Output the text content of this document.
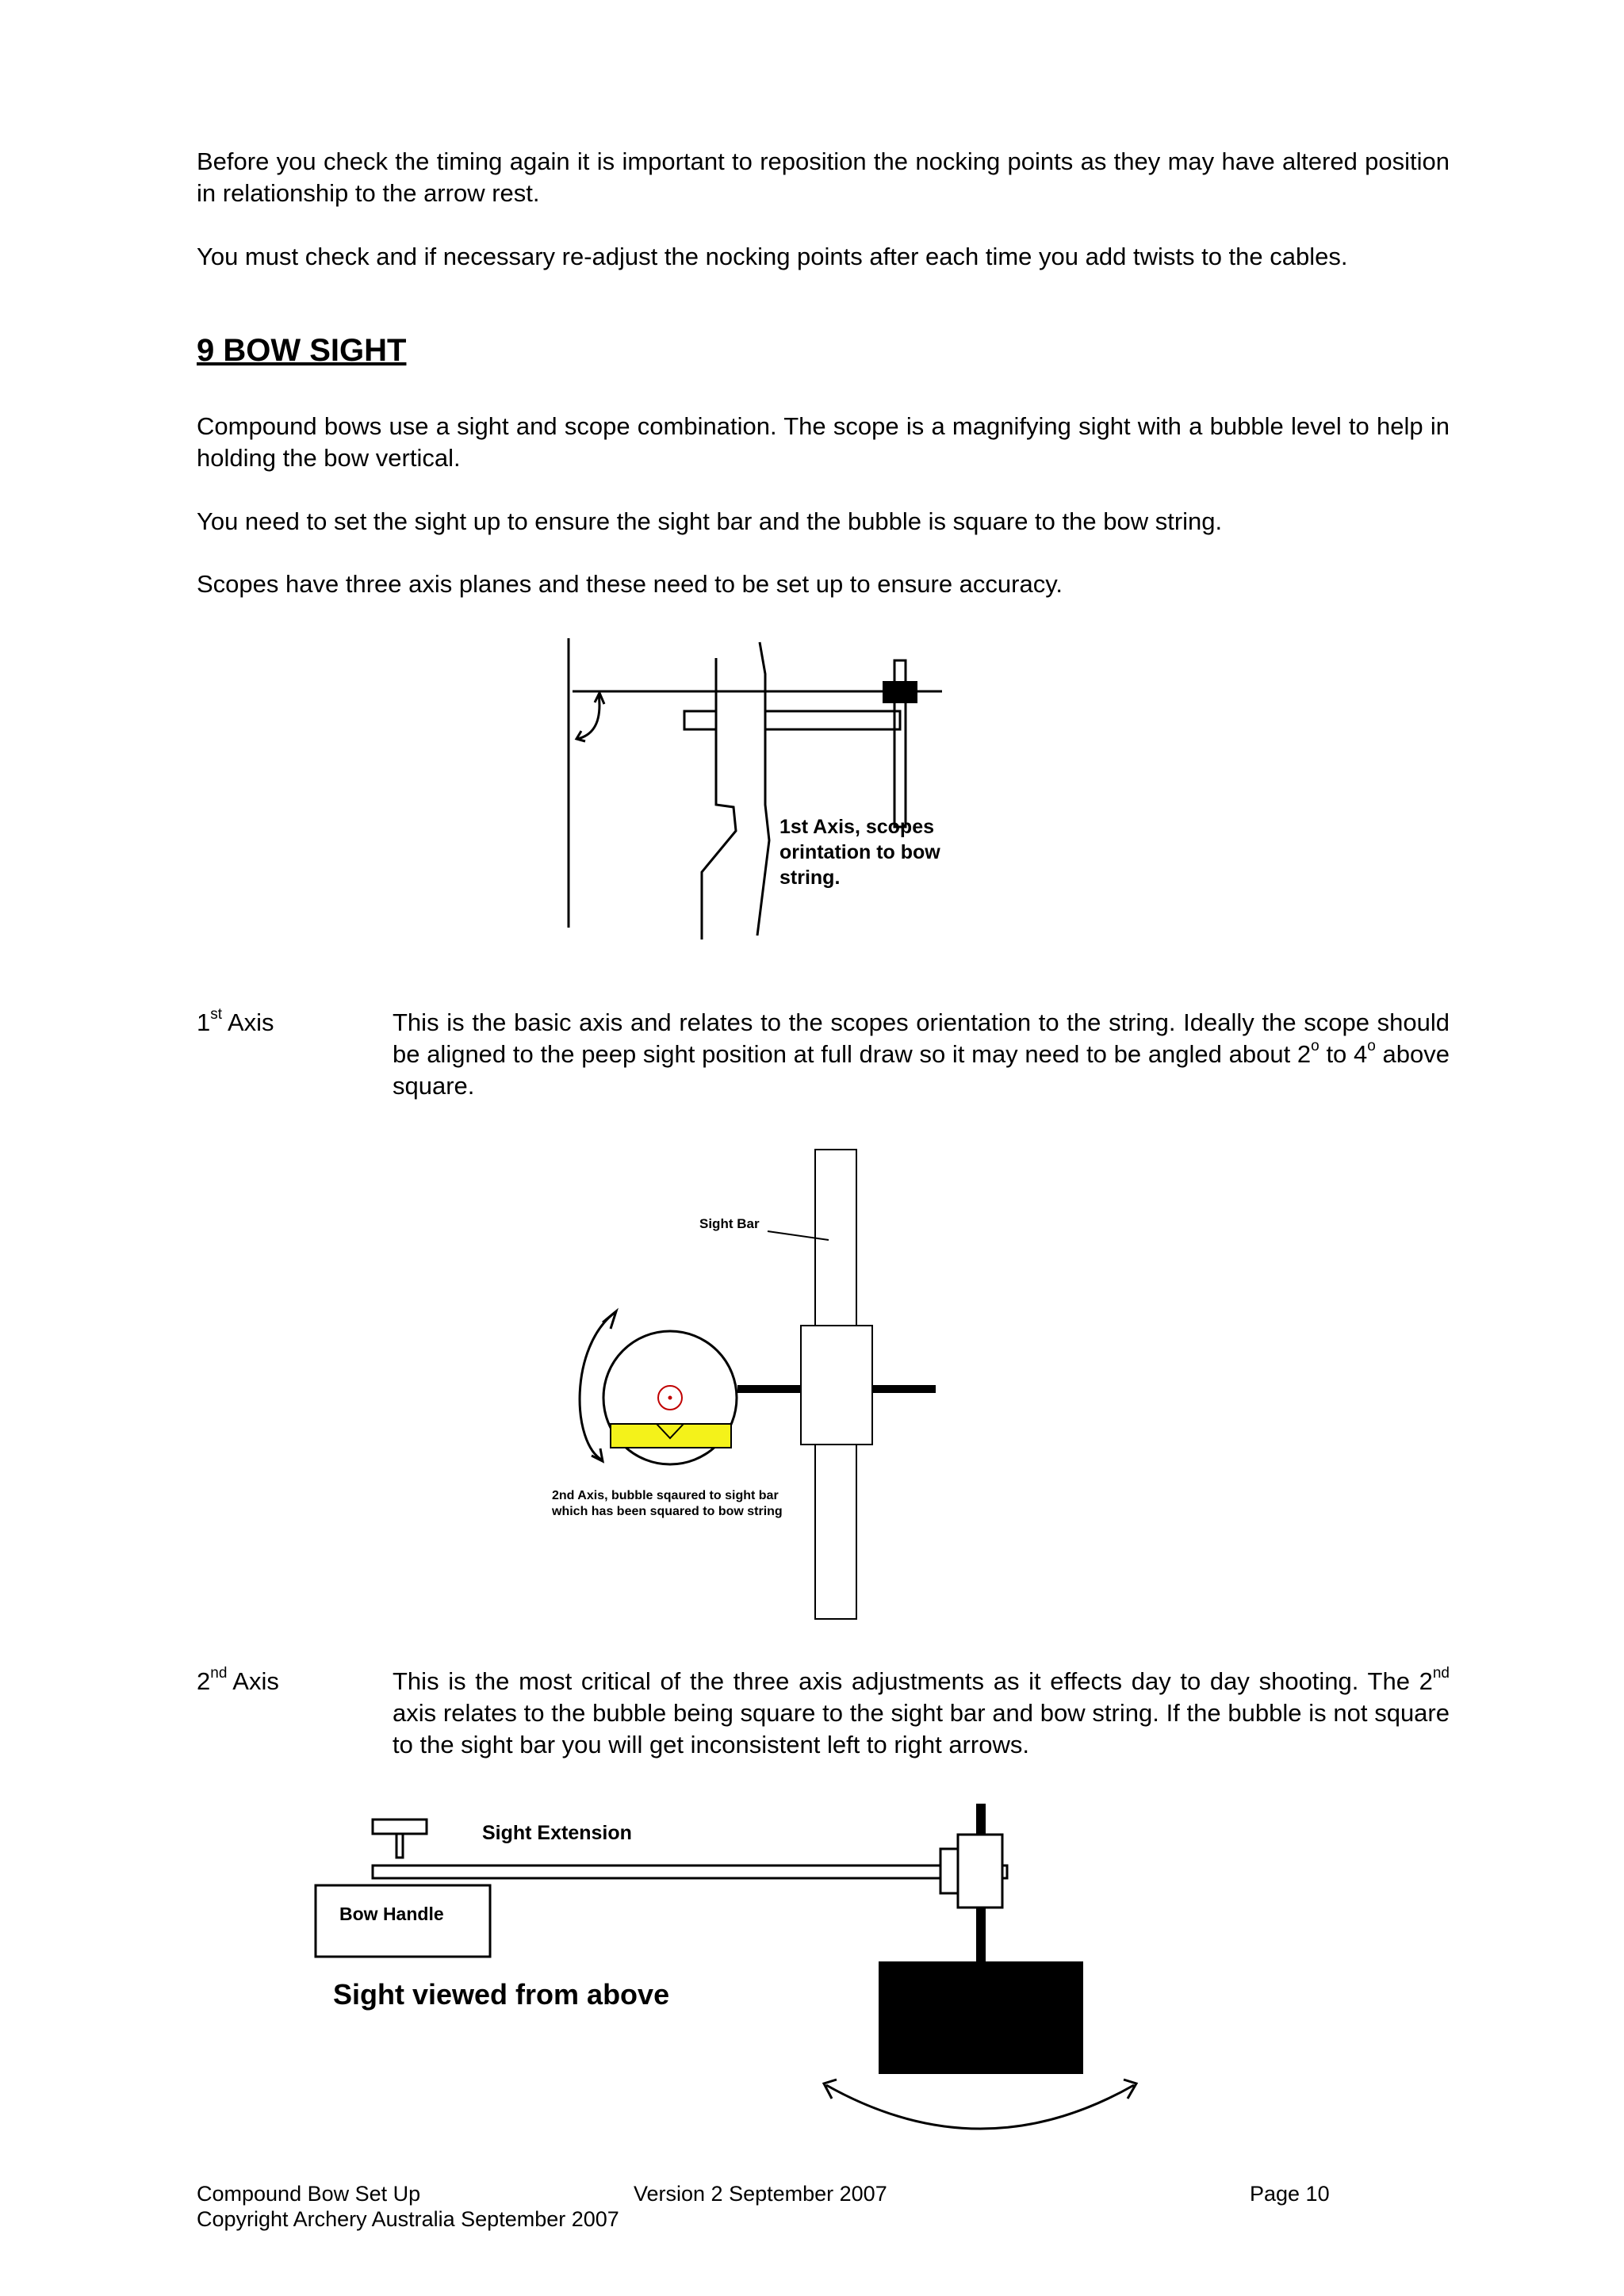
Before you check the timing again it is important to reposition the nocking points as they may have altered position in relationship to the arrow rest.

You must check and if necessary re-adjust the nocking points after each time you add twists to the cables.

9 BOW SIGHT

Compound bows use a sight and scope combination. The scope is a magnifying sight with a bubble level to help in holding the bow vertical.

You need to set the sight up to ensure the sight bar and the bubble is square to the bow string.

Scopes have three axis planes and these need to be set up to ensure accuracy.

1st Axis, scopes
orintation to bow
string.
1st Axis	This is the basic axis and relates to the scopes orientation to the string. Ideally the scope should be aligned to the peep sight position at full draw so it may need to be angled about 2$^o$ to 4$^o$ above square.

Sight Bar
2nd Axis, bubble sqaured to sight bar
which has been squared to bow string
2nd Axis	This is the most critical of the three axis adjustments as it effects day to day shooting. The 2nd axis relates to the bubble being square to the sight bar and bow string. If the bubble is not square to the sight bar you will get inconsistent left to right arrows.

Sight Extension
Bow Handle
Sight viewed from above
Compound Bow Set Up	Version 2 September 2007	Page 10
Copyright Archery Australia September 2007
